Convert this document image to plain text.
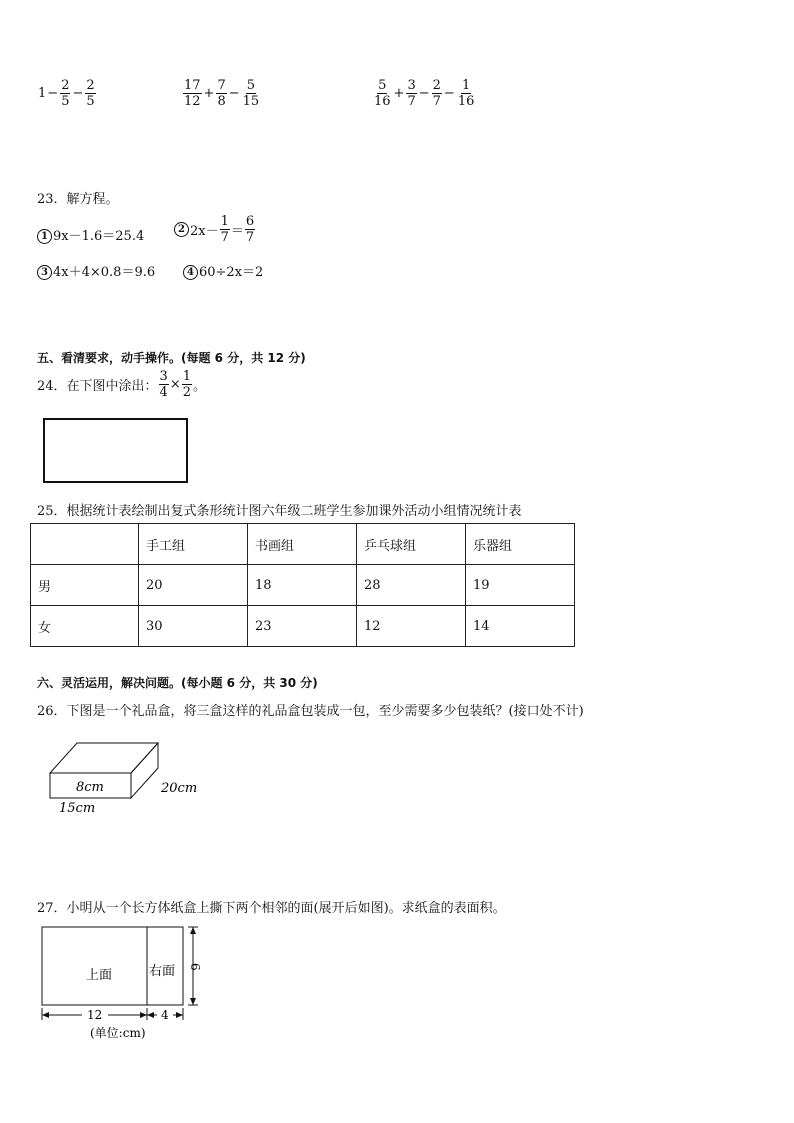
$1 - \frac{2}{5} - \frac{2}{5}$	$\frac{17}{12} + \frac{7}{8} - \frac{5}{15}$	$\frac{5}{16} + \frac{3}{7} - \frac{2}{7} - \frac{1}{16}$
23．解方程。
1 9x－1.6＝25.4	2 $2x- \frac{1}{7} = \frac{6}{7}$
3 4x＋4×0.8＝9.6	4 60÷2x＝2
五、看清要求，动手操作。(每题 6 分，共 12 分)
24．在下图中涂出： $\frac{3}{4} \times \frac{1}{2}$ 。
25．根据统计表绘制出复式条形统计图六年级二班学生参加课外活动小组情况统计表
	手工组	书画组	乒乓球组	乐器组
男	20	18	28	19
女	30	23	12	14
六、灵活运用，解决问题。(每小题 6 分，共 30 分)
26．下图是一个礼品盒，将三盒这样的礼品盒包装成一包，至少需要多少包装纸？(接口处不计)
8cm	20cm
15cm
27．小明从一个长方体纸盒上撕下两个相邻的面(展开后如图)。求纸盒的表面积。
上面	右面 6
12	4
(单位:cm)
